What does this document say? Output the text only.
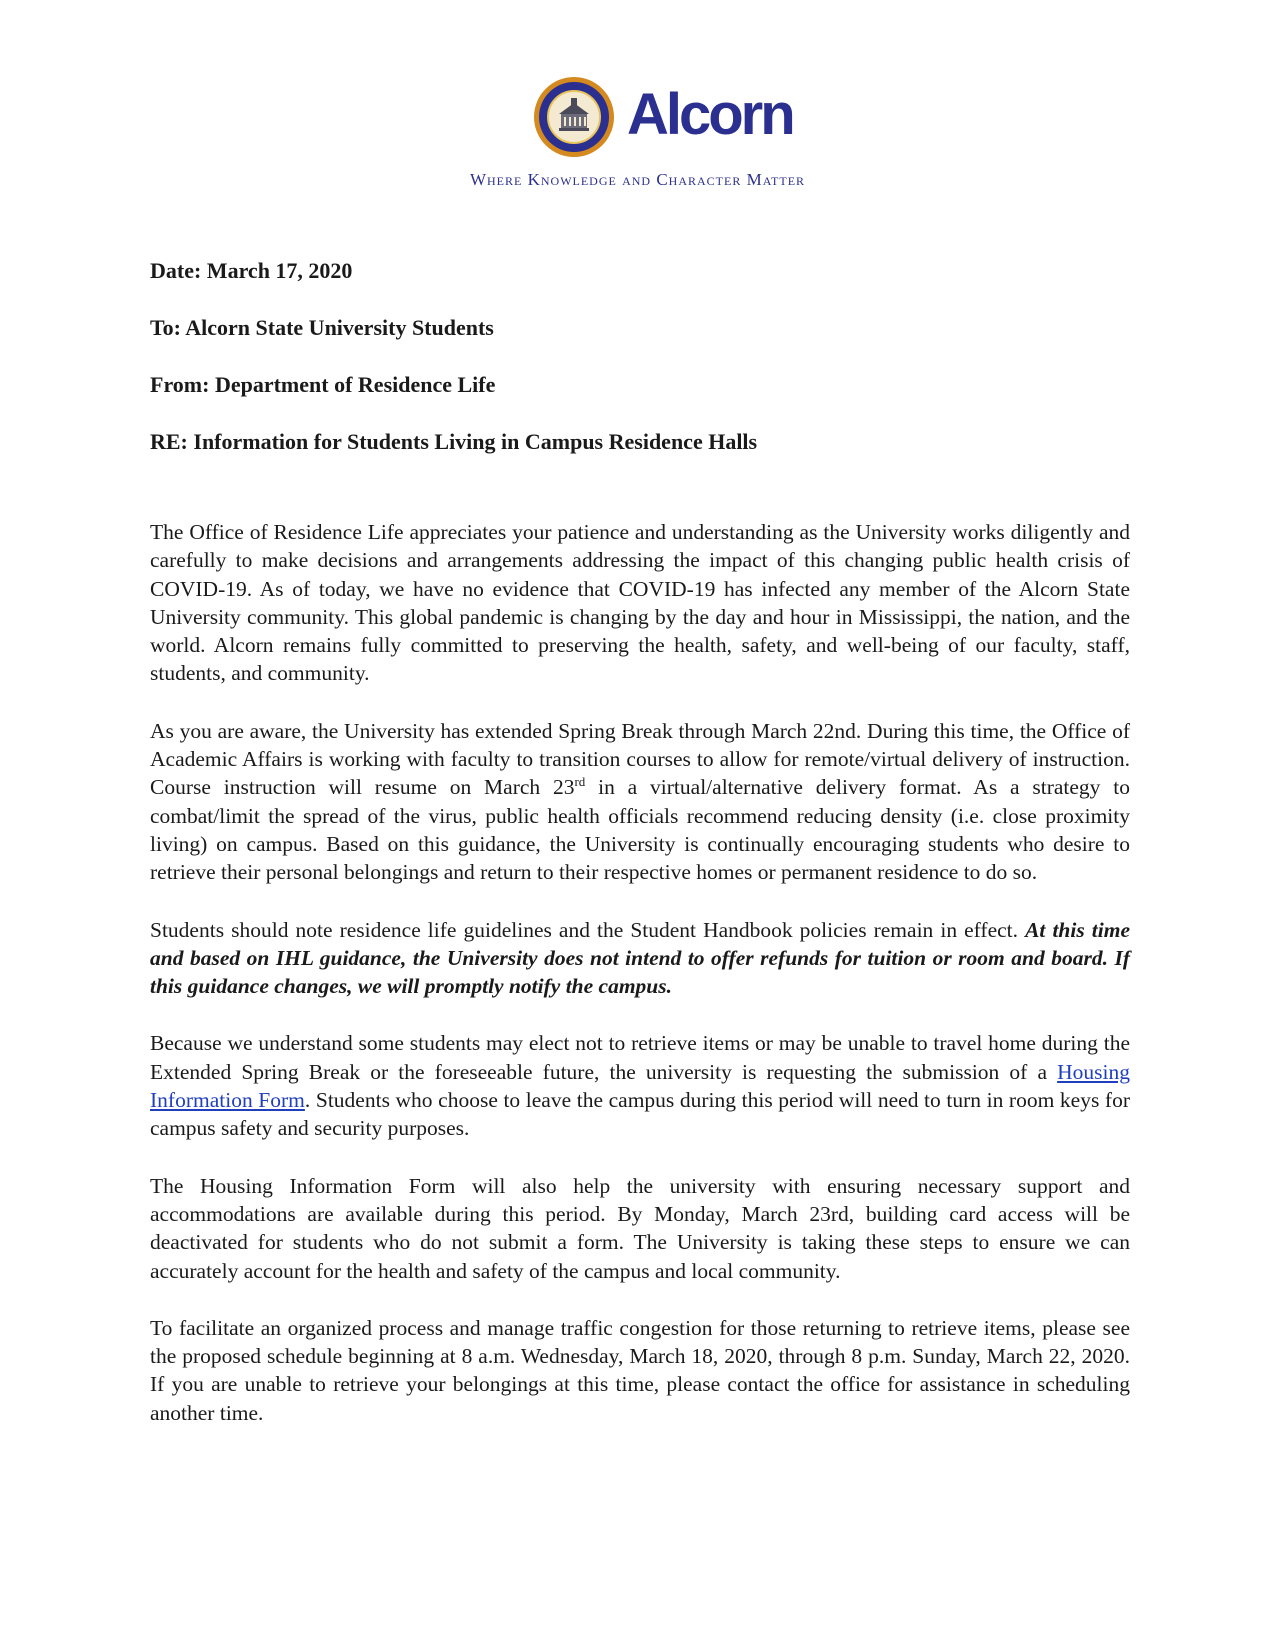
Alcorn
Where Knowledge and Character Matter
Date: March 17, 2020
To: Alcorn State University Students
From: Department of Residence Life
RE: Information for Students Living in Campus Residence Halls

The Office of Residence Life appreciates your patience and understanding as the University works diligently and carefully to make decisions and arrangements addressing the impact of this changing public health crisis of COVID-19. As of today, we have no evidence that COVID-19 has infected any member of the Alcorn State University community. This global pandemic is changing by the day and hour in Mississippi, the nation, and the world. Alcorn remains fully committed to preserving the health, safety, and well-being of our faculty, staff, students, and community.

As you are aware, the University has extended Spring Break through March 22nd. During this time, the Office of Academic Affairs is working with faculty to transition courses to allow for remote/virtual delivery of instruction. Course instruction will resume on March 23rd in a virtual/alternative delivery format. As a strategy to combat/limit the spread of the virus, public health officials recommend reducing density (i.e. close proximity living) on campus. Based on this guidance, the University is continually encouraging students who desire to retrieve their personal belongings and return to their respective homes or permanent residence to do so.

Students should note residence life guidelines and the Student Handbook policies remain in effect. At this time and based on IHL guidance, the University does not intend to offer refunds for tuition or room and board. If this guidance changes, we will promptly notify the campus.

Because we understand some students may elect not to retrieve items or may be unable to travel home during the Extended Spring Break or the foreseeable future, the university is requesting the submission of a Housing Information Form. Students who choose to leave the campus during this period will need to turn in room keys for campus safety and security purposes.

The Housing Information Form will also help the university with ensuring necessary support and accommodations are available during this period. By Monday, March 23rd, building card access will be deactivated for students who do not submit a form. The University is taking these steps to ensure we can accurately account for the health and safety of the campus and local community.

To facilitate an organized process and manage traffic congestion for those returning to retrieve items, please see the proposed schedule beginning at 8 a.m. Wednesday, March 18, 2020, through 8 p.m. Sunday, March 22, 2020. If you are unable to retrieve your belongings at this time, please contact the office for assistance in scheduling another time.
